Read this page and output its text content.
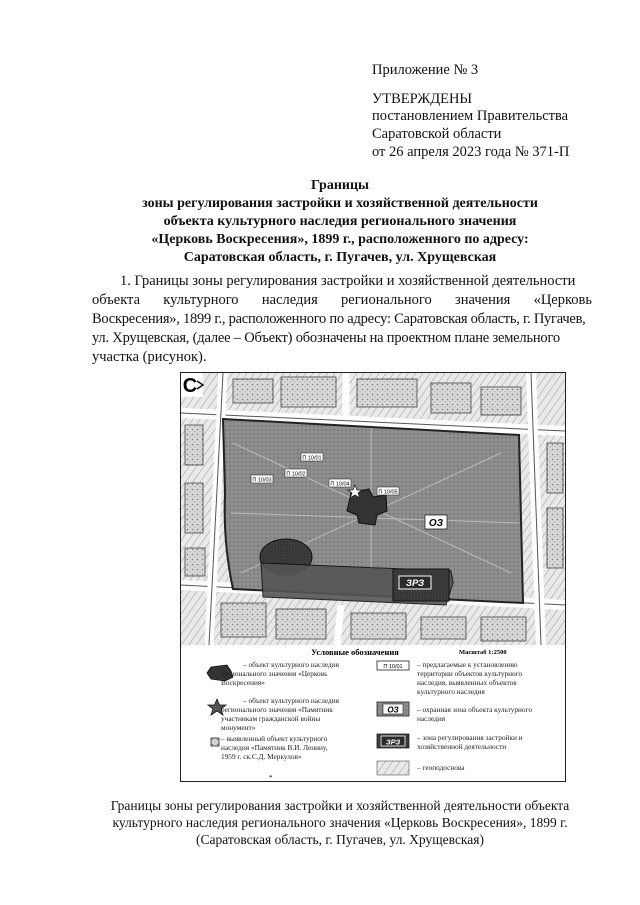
Приложение № 3
УТВЕРЖДЕНЫ
постановлением Правительства
Саратовской области
от 26 апреля 2023 года № 371-П
Границы
зоны регулирования застройки и хозяйственной деятельности
объекта культурного наследия регионального значения
«Церковь Воскресения», 1899 г., расположенного по адресу:
Саратовская область, г. Пугачев, ул. Хрущевская
1. Границы зоны регулирования застройки и хозяйственной деятельности
объекта культурного наследия регионального значения «Церковь
Воскресения», 1899 г., расположенного по адресу: Саратовская область, г. Пугачев,
ул. Хрущевская, (далее – Объект) обозначены на проектном плане земельного
участка (рисунок).
П 10/01
П 10/02
П 10/03
П 10/04
П 10/05
ОЗ
ЗРЗ
С
Условные обозначения	Масштаб 1:2500
– объект культурного наследия
регионального значения «Церковь
Воскресения»
– объект культурного наследия
регионального значения «Памятник
участникам гражданской войны
монумент»
– выявленный объект культурного
наследия «Памятник В.И. Ленину,
1959 г. ск.С.Д. Меркулов»
*
П 10/01 – предлагаемые к установлению
территории объектов культурного
наследия, выявленных объектов
культурного наследия
ОЗ	– охранная зона объекта культурного
наследия
ЗРЗ – зона регулирования застройки и
хозяйственной деятельности
– геоподоснова
Границы зоны регулирования застройки и хозяйственной деятельности объекта
культурного наследия регионального значения «Церковь Воскресения», 1899 г.
(Саратовская область, г. Пугачев, ул. Хрущевская)
